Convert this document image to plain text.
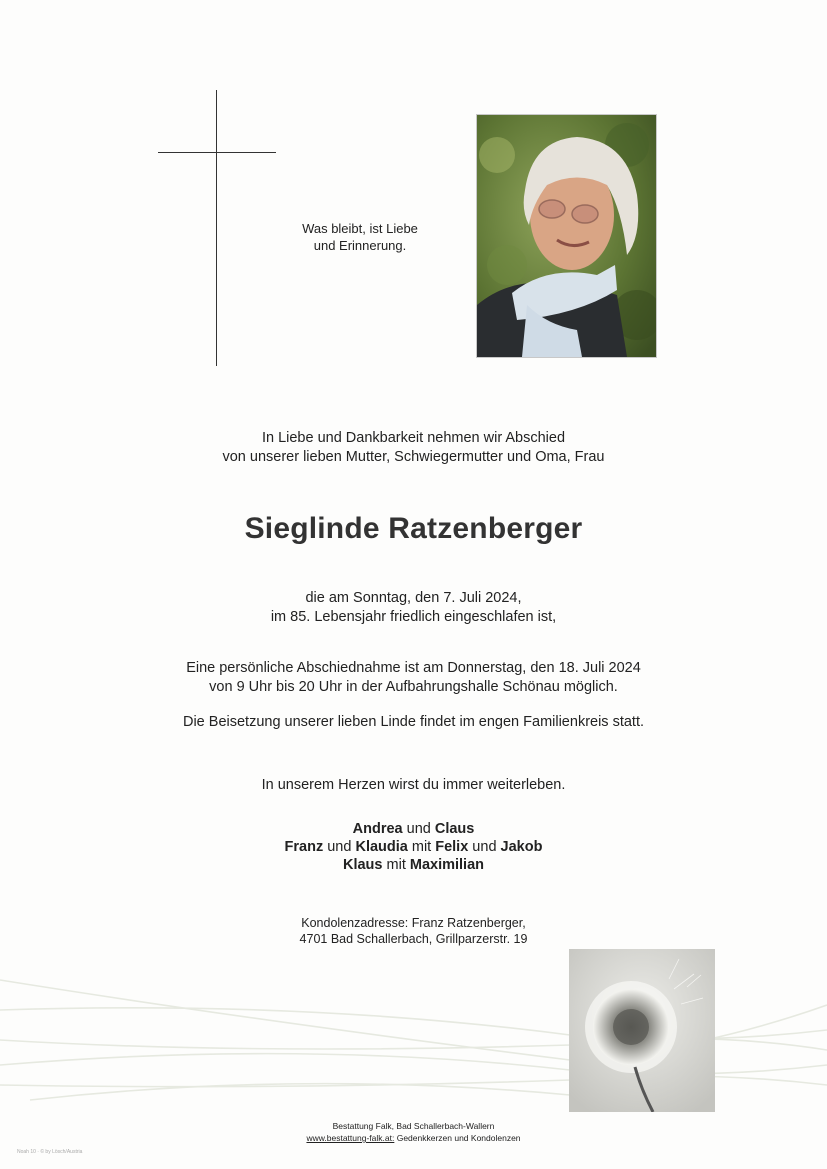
Was bleibt, ist Liebe
und Erinnerung.
In Liebe und Dankbarkeit nehmen wir Abschied
von unserer lieben Mutter, Schwiegermutter und Oma, Frau
Sieglinde Ratzenberger
die am Sonntag, den 7. Juli 2024,
im 85. Lebensjahr friedlich eingeschlafen ist,
Eine persönliche Abschiednahme ist am Donnerstag, den 18. Juli 2024
von 9 Uhr bis 20 Uhr in der Aufbahrungshalle Schönau möglich.
Die Beisetzung unserer lieben Linde findet im engen Familienkreis statt.
In unserem Herzen wirst du immer weiterleben.
Andrea und Claus
Franz und Klaudia mit Felix und Jakob
Klaus mit Maximilian
Kondolenzadresse: Franz Ratzenberger,
4701 Bad Schallerbach, Grillparzerstr. 19
Bestattung Falk, Bad Schallerbach-Wallern
www.bestattung-falk.at: Gedenkkerzen und Kondolenzen
Noah 10 · © by Lösch/Austria
